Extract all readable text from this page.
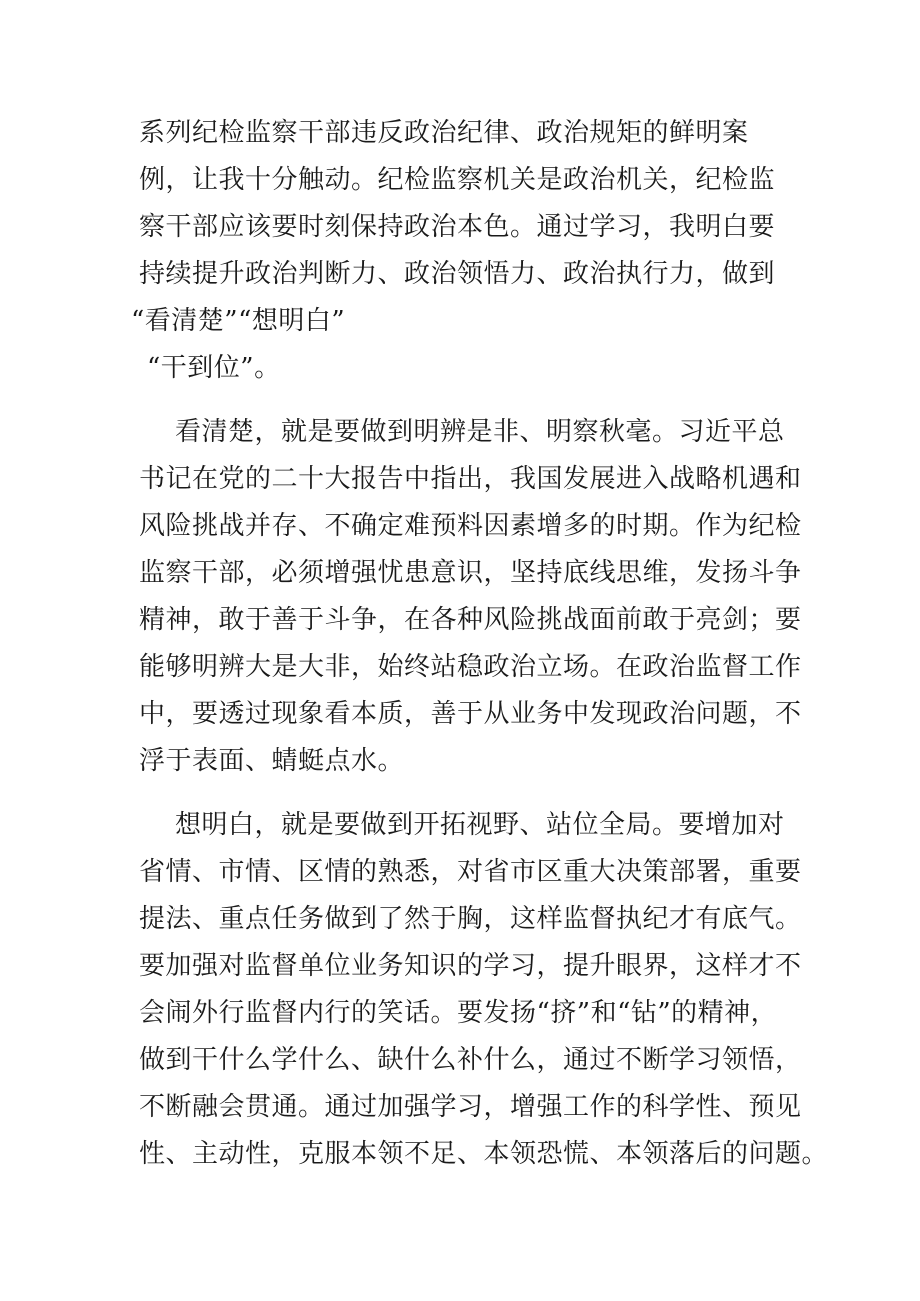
系列纪检监察干部违反政治纪律、政治规矩的鲜明案
例，让我十分触动。纪检监察机关是政治机关，纪检监
察干部应该要时刻保持政治本色。通过学习，我明白要
持续提升政治判断力、政治领悟力、政治执行力，做到
“看清楚”“想明白”
“干到位”。
看清楚，就是要做到明辨是非、明察秋毫。习近平总
书记在党的二十大报告中指出，我国发展进入战略机遇和
风险挑战并存、不确定难预料因素增多的时期。作为纪检
监察干部，必须增强忧患意识，坚持底线思维，发扬斗争
精神，敢于善于斗争，在各种风险挑战面前敢于亮剑；要
能够明辨大是大非，始终站稳政治立场。在政治监督工作
中，要透过现象看本质，善于从业务中发现政治问题，不
浮于表面、蜻蜓点水。
想明白，就是要做到开拓视野、站位全局。要增加对
省情、市情、区情的熟悉，对省市区重大决策部署，重要
提法、重点任务做到了然于胸，这样监督执纪才有底气。
要加强对监督单位业务知识的学习，提升眼界，这样才不
会闹外行监督内行的笑话。要发扬“挤”和“钻”的精神，
做到干什么学什么、缺什么补什么，通过不断学习领悟，
不断融会贯通。通过加强学习，增强工作的科学性、预见
性、主动性，克服本领不足、本领恐慌、本领落后的问题。
